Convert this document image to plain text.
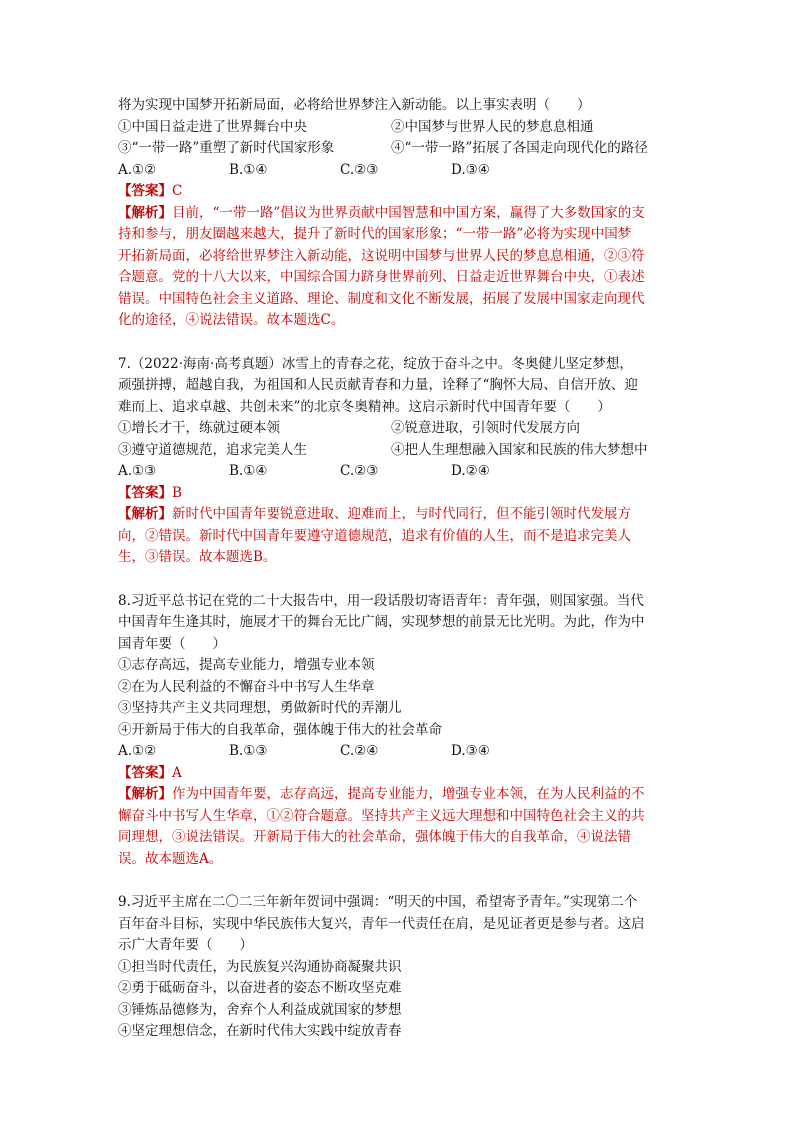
将为实现中国梦开拓新局面，必将给世界梦注入新动能。以上事实表明（　　）
①中国日益走进了世界舞台中央	②中国梦与世界人民的梦息息相通
③“一带一路”重塑了新时代国家形象	④“一带一路”拓展了各国走向现代化的路径
A.①②	B.①④	C.②③	D.③④
【答案】C
【解析】目前，“一带一路”倡议为世界贡献中国智慧和中国方案，赢得了大多数国家的支
持和参与，朋友圈越来越大，提升了新时代的国家形象；“一带一路”必将为实现中国梦
开拓新局面，必将给世界梦注入新动能，这说明中国梦与世界人民的梦息息相通，②③符
合题意。党的十八大以来，中国综合国力跻身世界前列、日益走近世界舞台中央，①表述
错误。中国特色社会主义道路、理论、制度和文化不断发展，拓展了发展中国家走向现代
化的途径，④说法错误。故本题选C。
7.（2022·海南·高考真题）冰雪上的青春之花，绽放于奋斗之中。冬奥健儿坚定梦想，
顽强拼搏，超越自我，为祖国和人民贡献青春和力量，诠释了“胸怀大局、自信开放、迎
难而上、追求卓越、共创未来”的北京冬奥精神。这启示新时代中国青年要（　　）
①增长才干，练就过硬本领	②锐意进取，引领时代发展方向
③遵守道德规范，追求完美人生	④把人生理想融入国家和民族的伟大梦想中
A.①③	B.①④	C.②③	D.②④
【答案】B
【解析】新时代中国青年要锐意进取、迎难而上，与时代同行，但不能引领时代发展方
向，②错误。新时代中国青年要遵守道德规范，追求有价值的人生，而不是追求完美人
生，③错误。故本题选B。
8.习近平总书记在党的二十大报告中，用一段话殷切寄语青年：青年强，则国家强。当代
中国青年生逢其时，施展才干的舞台无比广阔，实现梦想的前景无比光明。为此，作为中
国青年要（　　）
①志存高远，提高专业能力，增强专业本领
②在为人民利益的不懈奋斗中书写人生华章
③坚持共产主义共同理想，勇做新时代的弄潮儿
④开新局于伟大的自我革命，强体魄于伟大的社会革命
A.①②	B.①③	C.②④	D.③④
【答案】A
【解析】作为中国青年要，志存高远，提高专业能力，增强专业本领，在为人民利益的不
懈奋斗中书写人生华章，①②符合题意。坚持共产主义远大理想和中国特色社会主义的共
同理想，③说法错误。开新局于伟大的社会革命，强体魄于伟大的自我革命，④说法错
误。故本题选A。
9.习近平主席在二〇二三年新年贺词中强调：“明天的中国，希望寄予青年。”实现第二个
百年奋斗目标，实现中华民族伟大复兴，青年一代责任在肩，是见证者更是参与者。这启
示广大青年要（　　）
①担当时代责任，为民族复兴沟通协商凝聚共识
②勇于砥砺奋斗，以奋进者的姿态不断攻坚克难
③锤炼品德修为，舍弃个人利益成就国家的梦想
④坚定理想信念，在新时代伟大实践中绽放青春
